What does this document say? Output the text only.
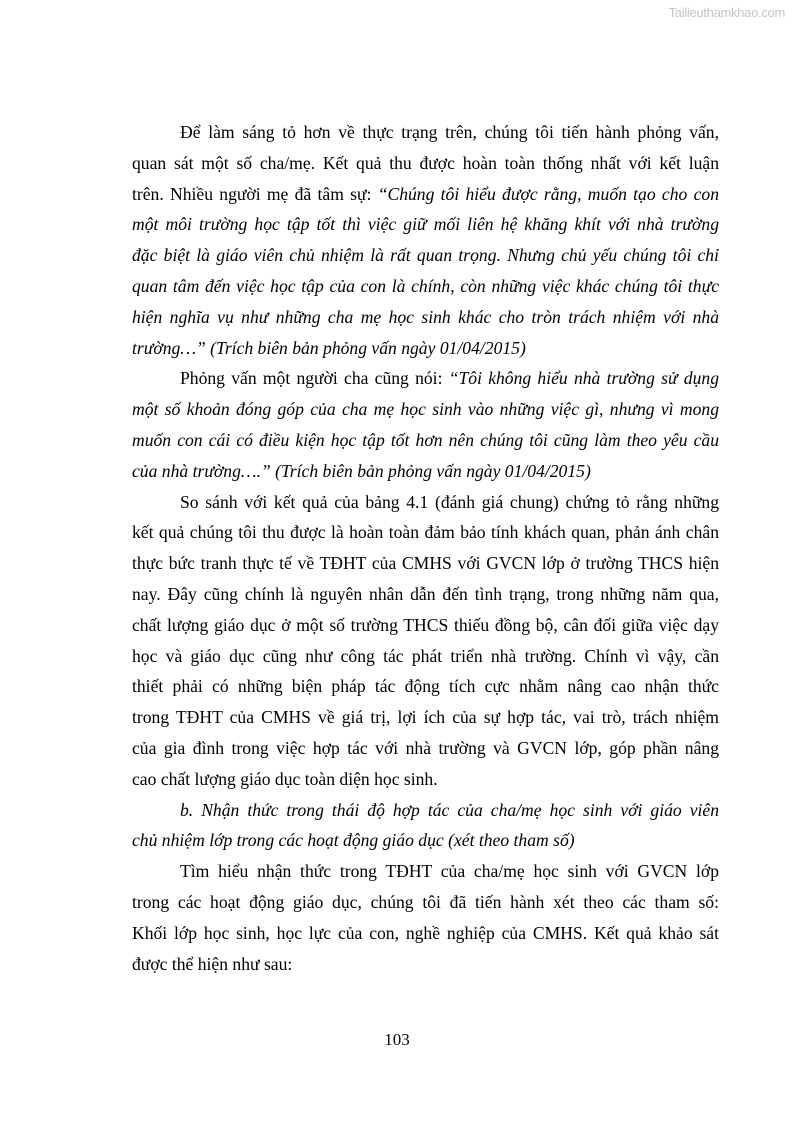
Tailieuthamkhao.com
Để làm sáng tỏ hơn về thực trạng trên, chúng tôi tiến hành phỏng vấn,
quan sát một số cha/mẹ. Kết quả thu được hoàn toàn thống nhất với kết luận
trên. Nhiều người mẹ đã tâm sự: “Chúng tôi hiểu được rằng, muốn tạo cho con
một môi trường học tập tốt thì việc giữ mối liên hệ khăng khít với nhà trường
đặc biệt là giáo viên chủ nhiệm là rất quan trọng. Nhưng chủ yếu chúng tôi chỉ
quan tâm đến việc học tập của con là chính, còn những việc khác chúng tôi thực
hiện nghĩa vụ như những cha mẹ học sinh khác cho tròn trách nhiệm với nhà
trường…” (Trích biên bản phỏng vấn ngày 01/04/2015)
Phỏng vấn một người cha cũng nói: “Tôi không hiểu nhà trường sử dụng
một số khoản đóng góp của cha mẹ học sinh vào những việc gì, nhưng vì mong
muốn con cái có điều kiện học tập tốt hơn nên chúng tôi cũng làm theo yêu cầu
của nhà trường….” (Trích biên bản phỏng vấn ngày 01/04/2015)
So sánh với kết quả của bảng 4.1 (đánh giá chung) chứng tỏ rằng những
kết quả chúng tôi thu được là hoàn toàn đảm bảo tính khách quan, phản ánh chân
thực bức tranh thực tế về TĐHT của CMHS với GVCN lớp ở trường THCS hiện
nay. Đây cũng chính là nguyên nhân dẫn đến tình trạng, trong những năm qua,
chất lượng giáo dục ở một số trường THCS thiếu đồng bộ, cân đối giữa việc dạy
học và giáo dục cũng như công tác phát triển nhà trường. Chính vì vậy, cần
thiết phải có những biện pháp tác động tích cực nhằm nâng cao nhận thức
trong TĐHT của CMHS về giá trị, lợi ích của sự hợp tác, vai trò, trách nhiệm
của gia đình trong việc hợp tác với nhà trường và GVCN lớp, góp phần nâng
cao chất lượng giáo dục toàn diện học sinh.
b. Nhận thức trong thái độ hợp tác của cha/mẹ học sinh với giáo viên
chủ nhiệm lớp trong các hoạt động giáo dục (xét theo tham số)
Tìm hiểu nhận thức trong TĐHT của cha/mẹ học sinh với GVCN lớp
trong các hoạt động giáo dục, chúng tôi đã tiến hành xét theo các tham số:
Khối lớp học sinh, học lực của con, nghề nghiệp của CMHS. Kết quả khảo sát
được thể hiện như sau:
103
